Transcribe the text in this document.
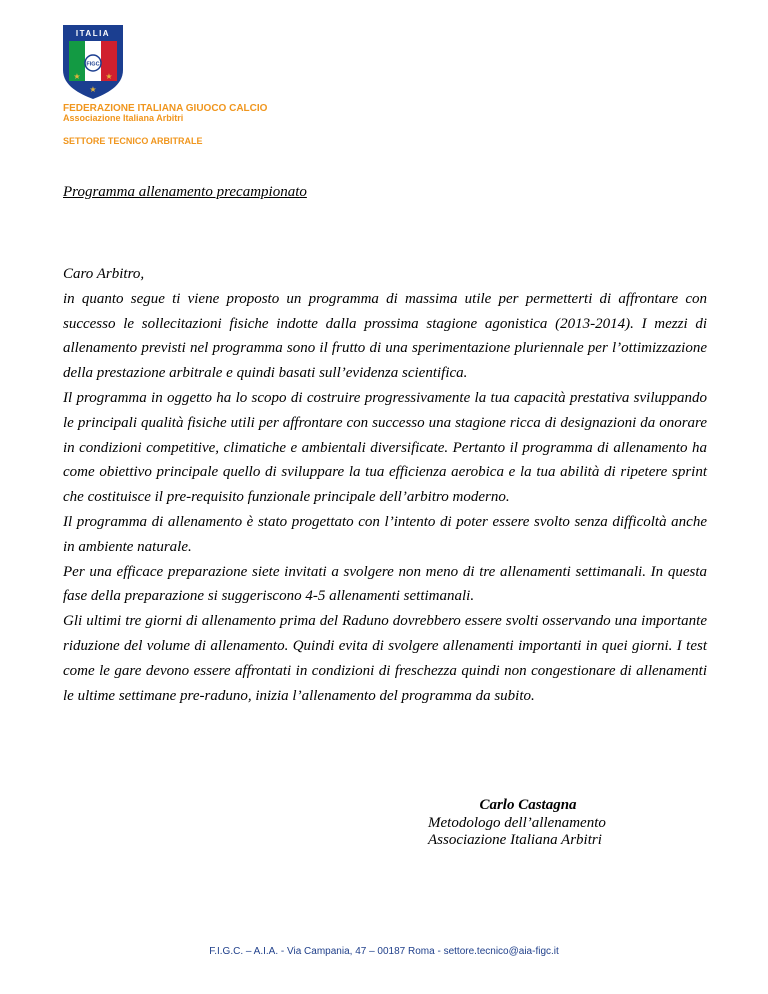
ITALIA
FIGC
★	★
★
FEDERAZIONE ITALIANA GIUOCO CALCIO
Associazione Italiana Arbitri
SETTORE TECNICO ARBITRALE
Programma allenamento precampionato

Caro Arbitro,

in quanto segue ti viene proposto un programma di massima utile per permetterti di affrontare con successo le sollecitazioni fisiche indotte dalla prossima stagione agonistica (2013-2014). I mezzi di allenamento previsti nel programma sono il frutto di una sperimentazione pluriennale per l’ottimizzazione della prestazione arbitrale e quindi basati sull’evidenza scientifica.

Il programma in oggetto ha lo scopo di costruire progressivamente la tua capacità prestativa sviluppando le principali qualità fisiche utili per affrontare con successo una stagione ricca di designazioni da onorare in condizioni competitive, climatiche e ambientali diversificate. Pertanto il programma di allenamento ha come obiettivo principale quello di sviluppare la tua efficienza aerobica e la tua abilità di ripetere sprint che costituisce il pre-requisito funzionale principale dell’arbitro moderno.

Il programma di allenamento è stato progettato con l’intento di poter essere svolto senza difficoltà anche in ambiente naturale.

Per una efficace preparazione siete invitati a svolgere non meno di tre allenamenti settimanali. In questa fase della preparazione si suggeriscono 4-5 allenamenti settimanali.

Gli ultimi tre giorni di allenamento prima del Raduno dovrebbero essere svolti osservando una importante riduzione del volume di allenamento. Quindi evita di svolgere allenamenti importanti in quei giorni. I test come le gare devono essere affrontati in condizioni di freschezza quindi non congestionare di allenamenti le ultime settimane pre-raduno, inizia l’allenamento del programma da subito.

Carlo Castagna
Metodologo dell’allenamento
Associazione Italiana Arbitri
F.I.G.C. – A.I.A. - Via Campania, 47 – 00187 Roma - settore.tecnico@aia-figc.it
